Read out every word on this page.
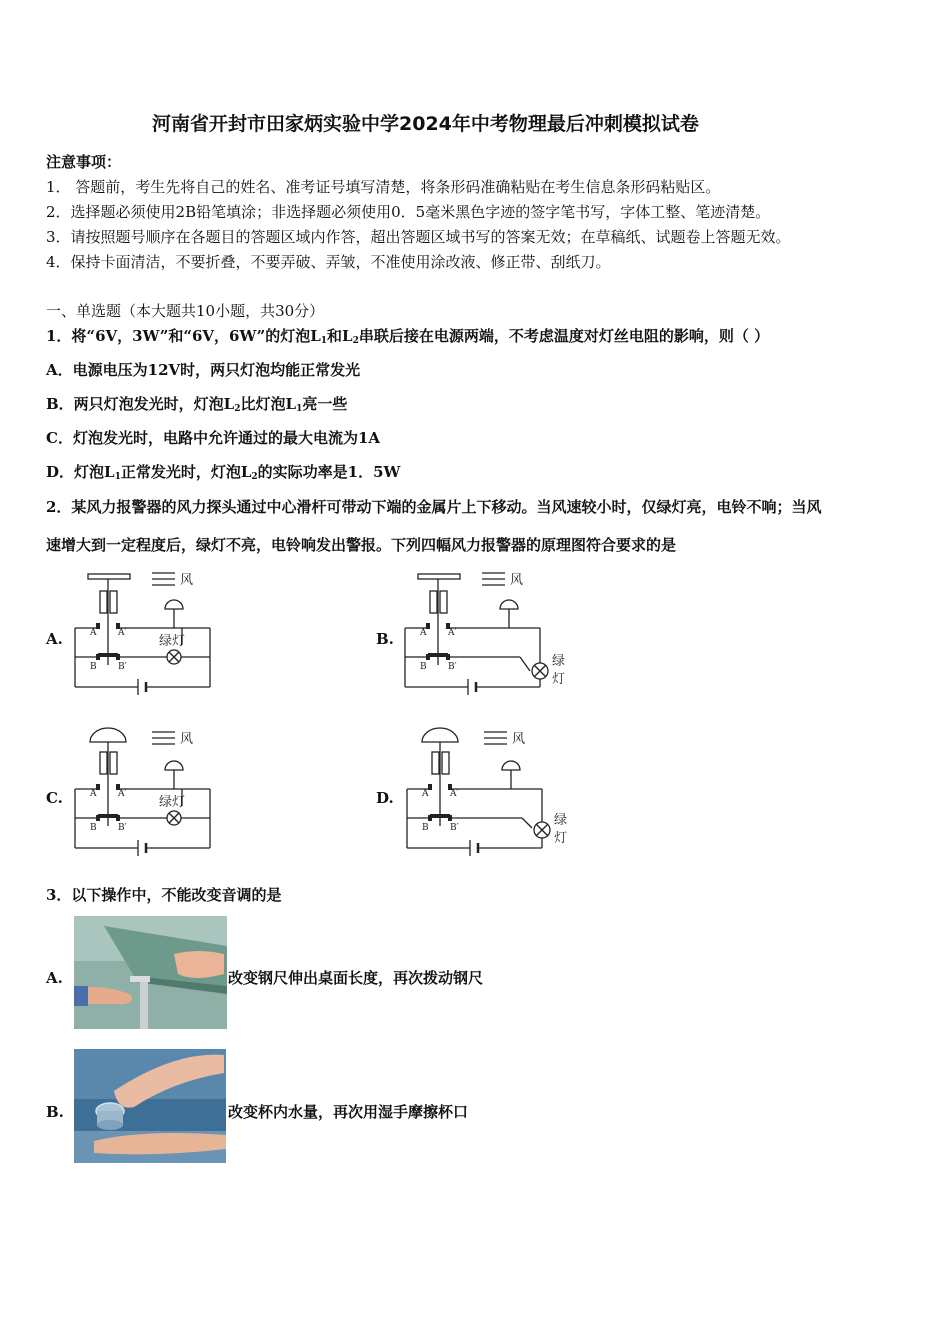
河南省开封市田家炳实验中学2024年中考物理最后冲刺模拟试卷
注意事项：
1． 答题前，考生先将自己的姓名、准考证号填写清楚，将条形码准确粘贴在考生信息条形码粘贴区。
2．选择题必须使用2B铅笔填涂；非选择题必须使用0．5毫米黑色字迹的签字笔书写，字体工整、笔迹清楚。
3．请按照题号顺序在各题目的答题区域内作答，超出答题区域书写的答案无效；在草稿纸、试题卷上答题无效。
4．保持卡面清洁，不要折叠，不要弄破、弄皱，不准使用涂改液、修正带、刮纸刀。
一、单选题（本大题共10小题，共30分）
1．将“6V，3W”和“6V，6W”的灯泡$L_1$和$L_2$串联后接在电源两端，不考虑温度对灯丝电阻的影响，则（ ）
A．电源电压为12V时，两只灯泡均能正常发光
B．两只灯泡发光时，灯泡$L_2$比灯泡$L_1$亮一些
C．灯泡发光时，电路中允许通过的最大电流为1A
D．灯泡$L_1$正常发光时，灯泡$L_2$的实际功率是1．5W
2．某风力报警器的风力探头通过中心滑杆可带动下端的金属片上下移动。当风速较小时，仅绿灯亮，电铃不响；当风
速增大到一定程度后，绿灯不亮，电铃响发出警报。下列四幅风力报警器的原理图符合要求的是
A.	B.
C.	D.
风
A A′
B B′
绿灯
风
A A′
B B′	绿
灯
风
A A′
B B′
绿灯
风
A A′
B B′	绿
灯
3．以下操作中，不能改变音调的是
A.	改变钢尺伸出桌面长度，再次拨动钢尺
B.	改变杯内水量，再次用湿手摩擦杯口
